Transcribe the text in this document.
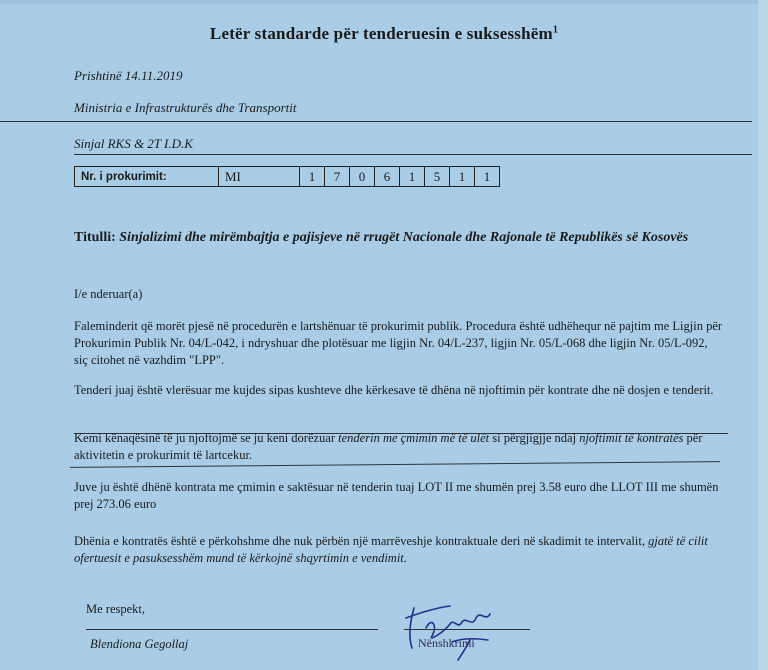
Letër standarde për tenderuesin e suksesshëm$^1$
Prishtinë 14.11.2019
Ministria e Infrastrukturës dhe Transportit
Sinjal RKS & 2T I.D.K
Nr. i prokurimit:	MI	1	7	0	6	1	5	1	1
Titulli: Sinjalizimi dhe mirëmbajtja e pajisjeve në rrugët Nacionale dhe Rajonale të Republikës së Kosovës
I/e nderuar(a)
Faleminderit që morët pjesë në procedurën e lartshënuar të prokurimit publik. Procedura është udhëhequr në pajtim me Ligjin për Prokurimin Publik Nr. 04/L-042, i ndryshuar dhe plotësuar me ligjin Nr. 04/L-237, ligjin Nr. 05/L-068 dhe ligjin Nr. 05/L-092, siç citohet në vazhdim "LPP".
Tenderi juaj është vlerësuar me kujdes sipas kushteve dhe kërkesave të dhëna në njoftimin për kontrate dhe në dosjen e tenderit.
Kemi kënaqësinë të ju njoftojmë se ju keni dorëzuar tenderin me çmimin më të ulët si përgjigjje ndaj njoftimit të kontratës për aktivitetin e prokurimit të lartcekur.
Juve ju është dhënë kontrata me çmimin e saktësuar në tenderin tuaj LOT II me shumën prej 3.58 euro dhe LLOT III me shumën prej 273.06 euro
Dhënia e kontratës është e përkohshme dhe nuk përbën një marrëveshje kontraktuale deri në skadimit te intervalit, gjatë të cilit ofertuesit e pasuksesshëm mund të kërkojnë shqyrtimin e vendimit.
Me respekt,
Blendiona Gegollaj	Nënshkrimi
